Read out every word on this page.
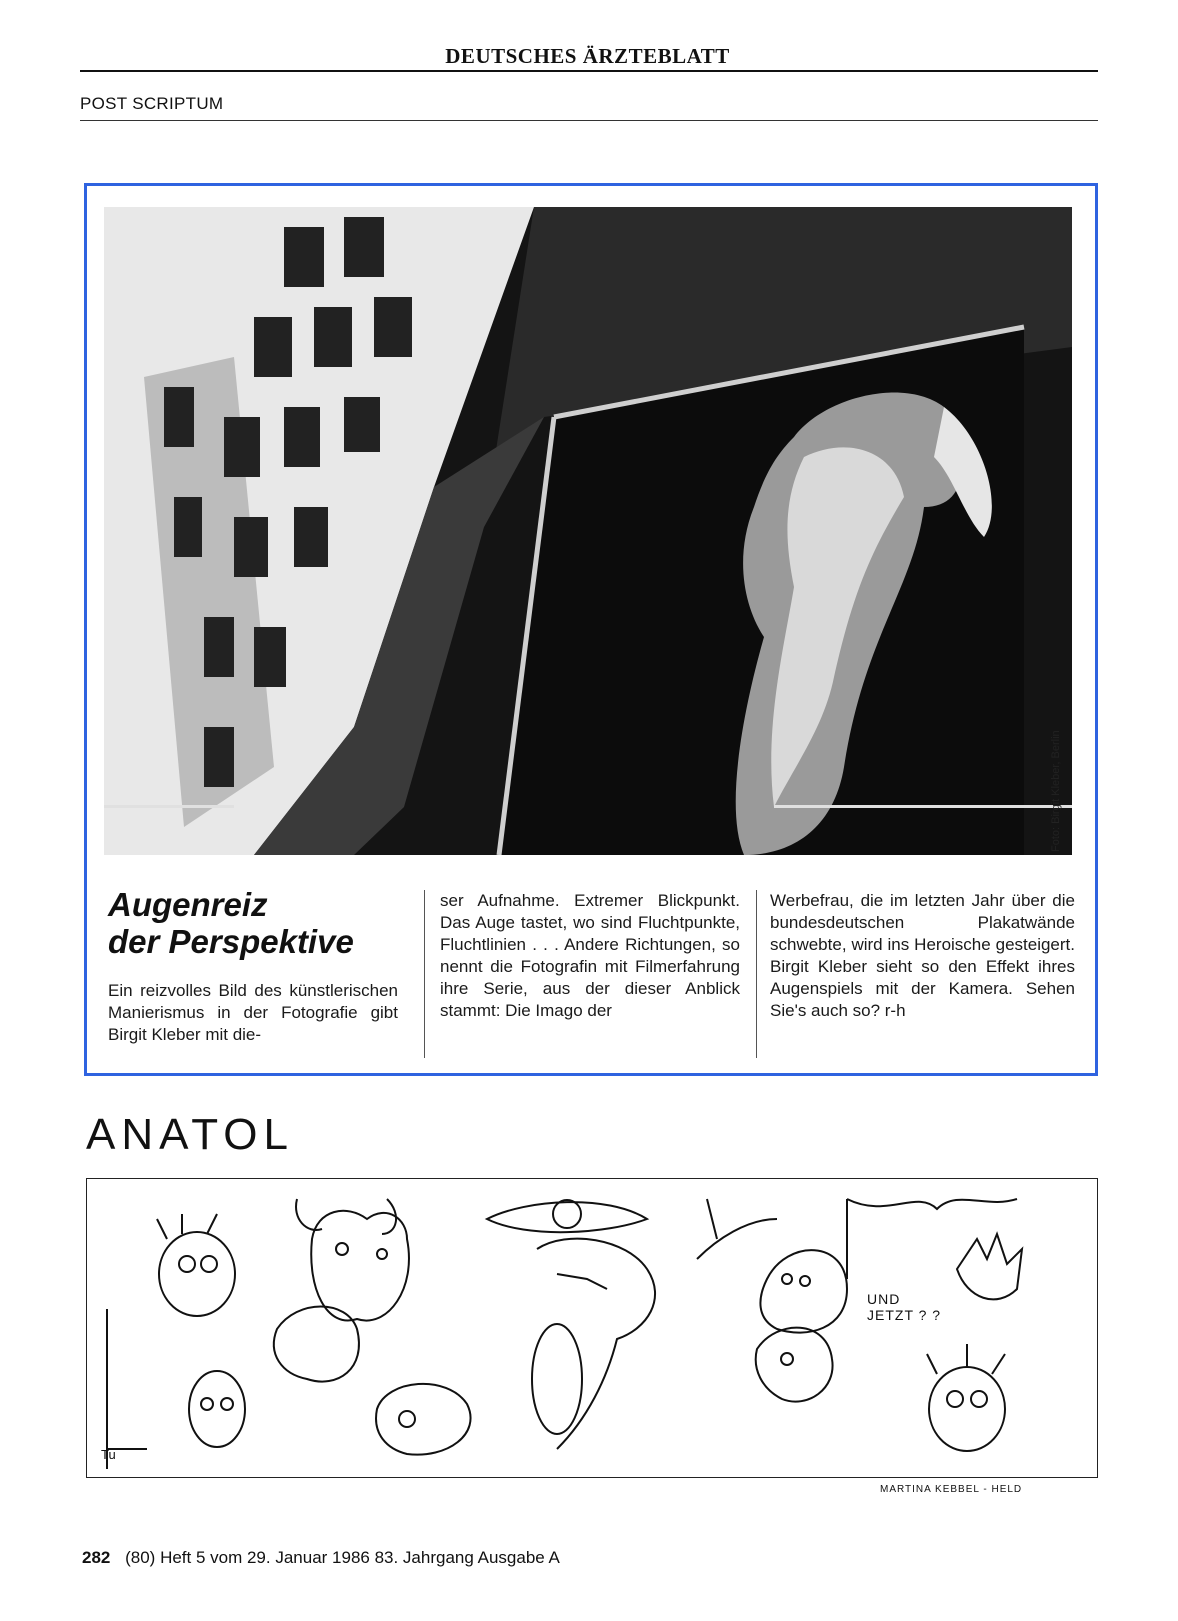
DEUTSCHES ÄRZTEBLATT
POST SCRIPTUM
Foto: Birgit Kleber, Berlin
Augenreiz
der Perspektive
Ein reizvolles Bild des künstlerischen Manierismus in der Fotografie gibt Birgit Kleber mit die-
ser Aufnahme. Extremer Blickpunkt. Das Auge tastet, wo sind Fluchtpunkte, Fluchtlinien . . . Andere Richtungen, so nennt die Fotografin mit Filmerfahrung ihre Serie, aus der dieser Anblick stammt: Die Imago der
Werbefrau, die im letzten Jahr über die bundesdeutschen Plakatwände schwebte, wird ins Heroische gesteigert. Birgit Kleber sieht so den Effekt ihres Augenspiels mit der Kamera. Sehen Sie's auch so? r-h
ANATOL
UND JETZT ? ?
Tu
MARTINA KEBBEL - HELD
282 (80) Heft 5 vom 29. Januar 1986 83. Jahrgang Ausgabe A
